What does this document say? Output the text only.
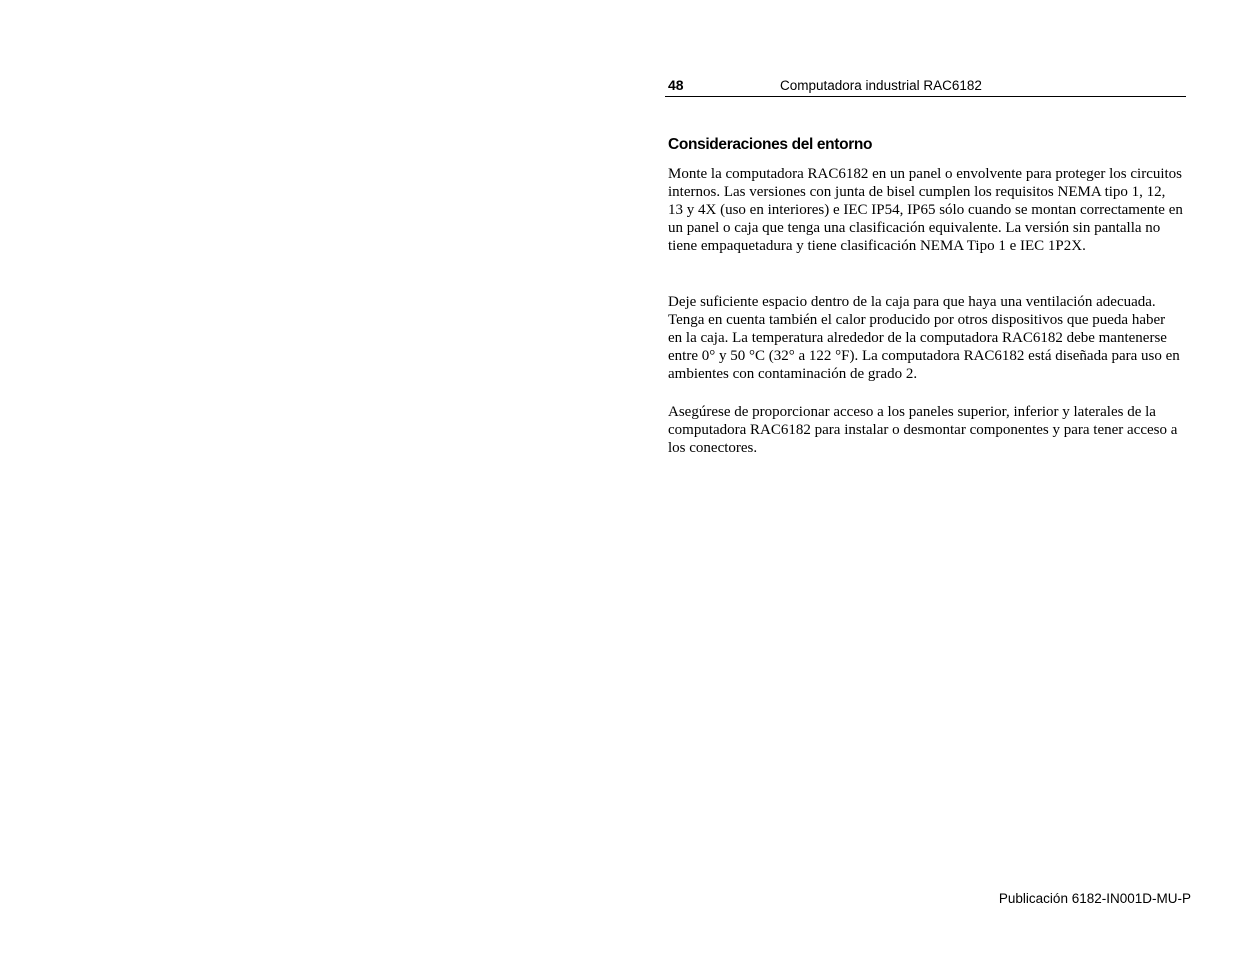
48	Computadora industrial RAC6182
Consideraciones del entorno

Monte la computadora RAC6182 en un panel o envolvente para proteger los circuitos internos. Las versiones con junta de bisel cumplen los requisitos NEMA tipo 1, 12, 13 y 4X (uso en interiores) e IEC IP54, IP65 sólo cuando se montan correctamente en un panel o caja que tenga una clasificación equivalente. La versión sin pantalla no tiene empaquetadura y tiene clasificación NEMA Tipo 1 e IEC 1P2X.

Deje suficiente espacio dentro de la caja para que haya una ventilación adecuada. Tenga en cuenta también el calor producido por otros dispositivos que pueda haber en la caja. La temperatura alrededor de la computadora RAC6182 debe mantenerse entre 0° y 50 °C (32° a 122 °F). La computadora RAC6182 está diseñada para uso en ambientes con contaminación de grado 2.

Asegúrese de proporcionar acceso a los paneles superior, inferior y laterales de la computadora RAC6182 para instalar o desmontar componentes y para tener acceso a los conectores.

Publicación 6182-IN001D-MU-P
